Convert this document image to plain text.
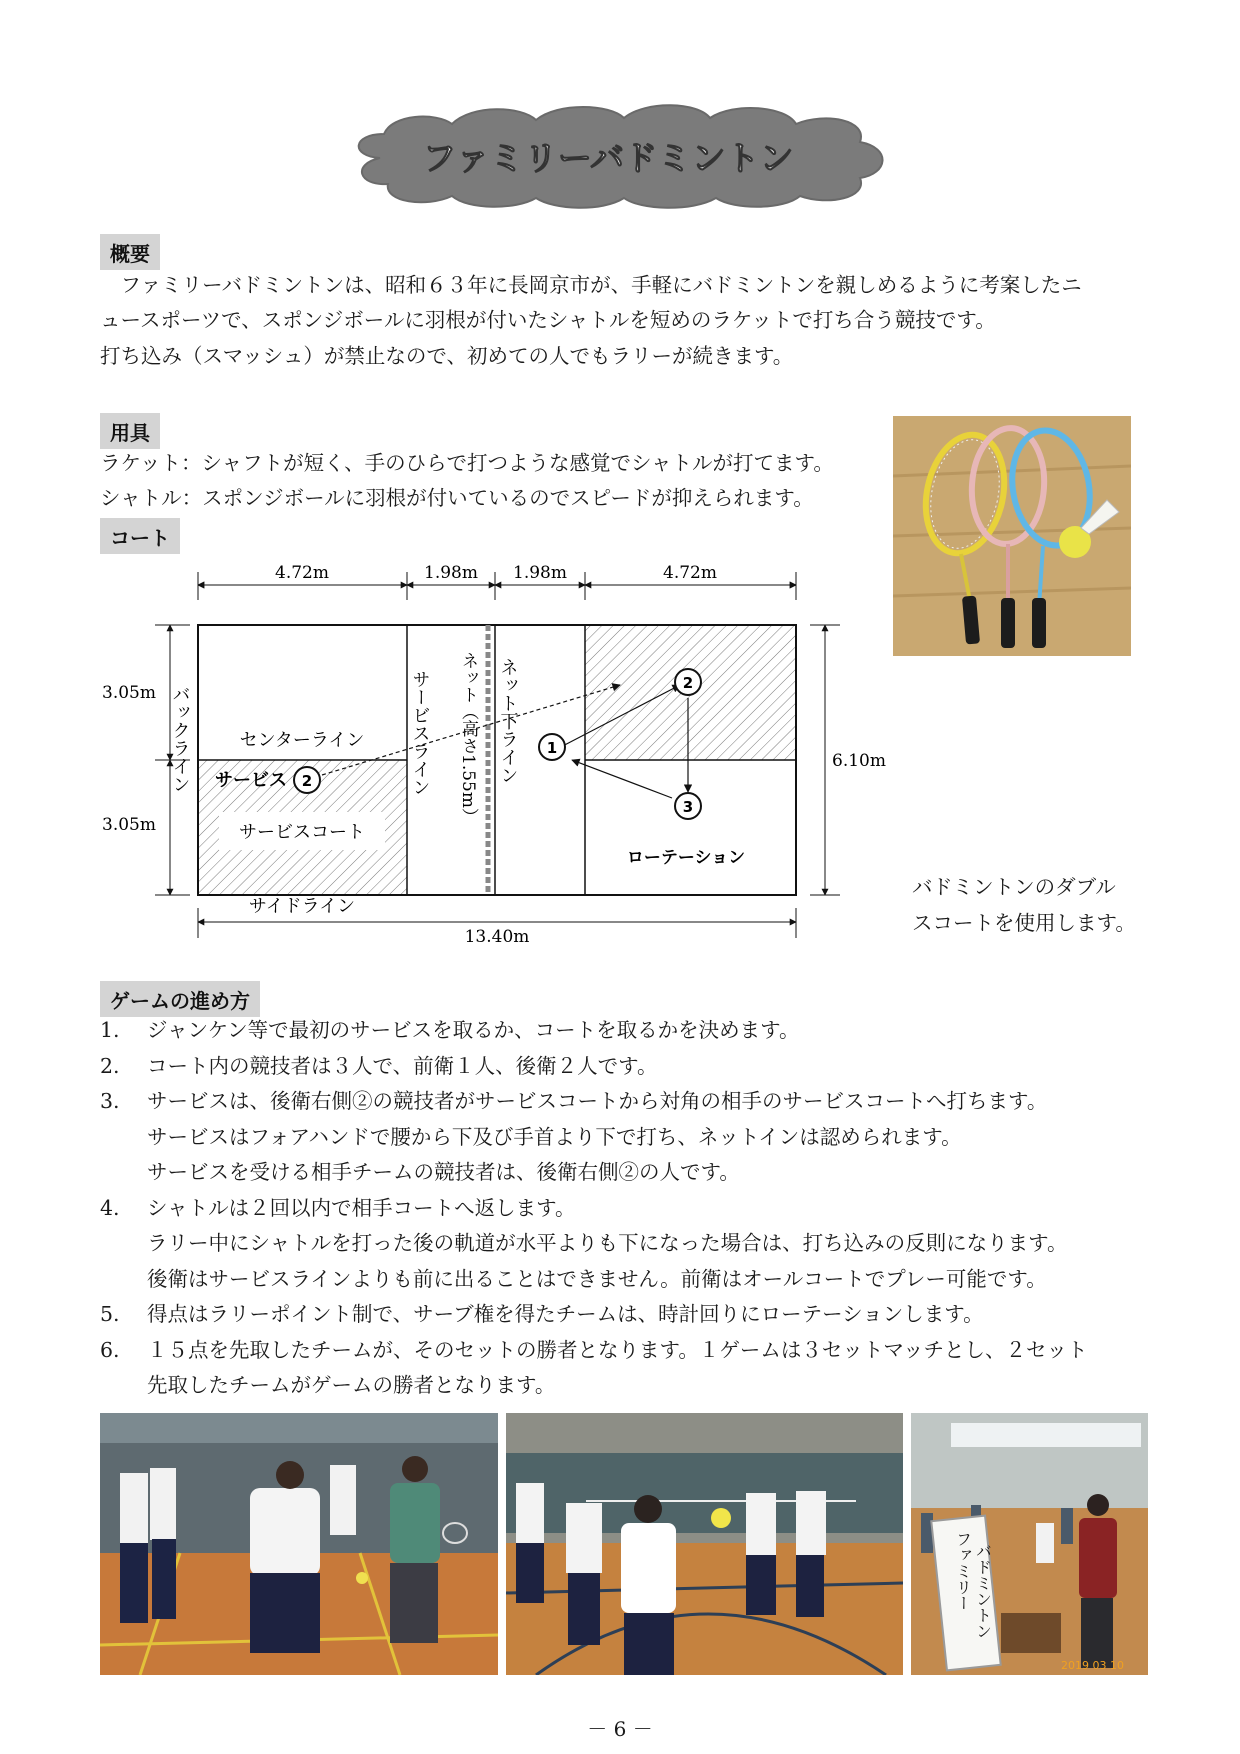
ファミリーバドミントン
概要
　ファミリーバドミントンは、昭和６３年に長岡京市が、手軽にバドミントンを親しめるように考案したニ
ュースポーツで、スポンジボールに羽根が付いたシャトルを短めのラケットで打ち合う競技です。
打ち込み（スマッシュ）が禁止なので、初めての人でもラリーが続きます。
用具
ラケット：シャフトが短く、手のひらで打つような感覚でシャトルが打てます。
シャトル：スポンジボールに羽根が付いているのでスピードが抑えられます。
コート
4.72m	1.98m 1.98m	4.72m
3.05m
3.05m
6.10m
13.40m
バックライン	センターライン
サービス 2
サービスコート
サービスライン ネット（高さ1.55m） ネット下ライン
サイドライン
ローテーション
1
2
3
バドミントンのダブル
スコートを使用します。
ゲームの進め方
1. ジャンケン等で最初のサービスを取るか、コートを取るかを決めます。
2. コート内の競技者は３人で、前衛１人、後衛２人です。
3. サービスは、後衛右側②の競技者がサービスコートから対角の相手のサービスコートへ打ちます。
サービスはフォアハンドで腰から下及び手首より下で打ち、ネットインは認められます。
サービスを受ける相手チームの競技者は、後衛右側②の人です。
4. シャトルは２回以内で相手コートへ返します。
ラリー中にシャトルを打った後の軌道が水平よりも下になった場合は、打ち込みの反則になります。
後衛はサービスラインよりも前に出ることはできません。前衛はオールコートでプレー可能です。
5. 得点はラリーポイント制で、サーブ権を得たチームは、時計回りにローテーションします。
6. １５点を先取したチームが、そのセットの勝者となります。１ゲームは３セットマッチとし、２セット
先取したチームがゲームの勝者となります。
ファミリー バドミントン
2019 03 10
－ 6 －
